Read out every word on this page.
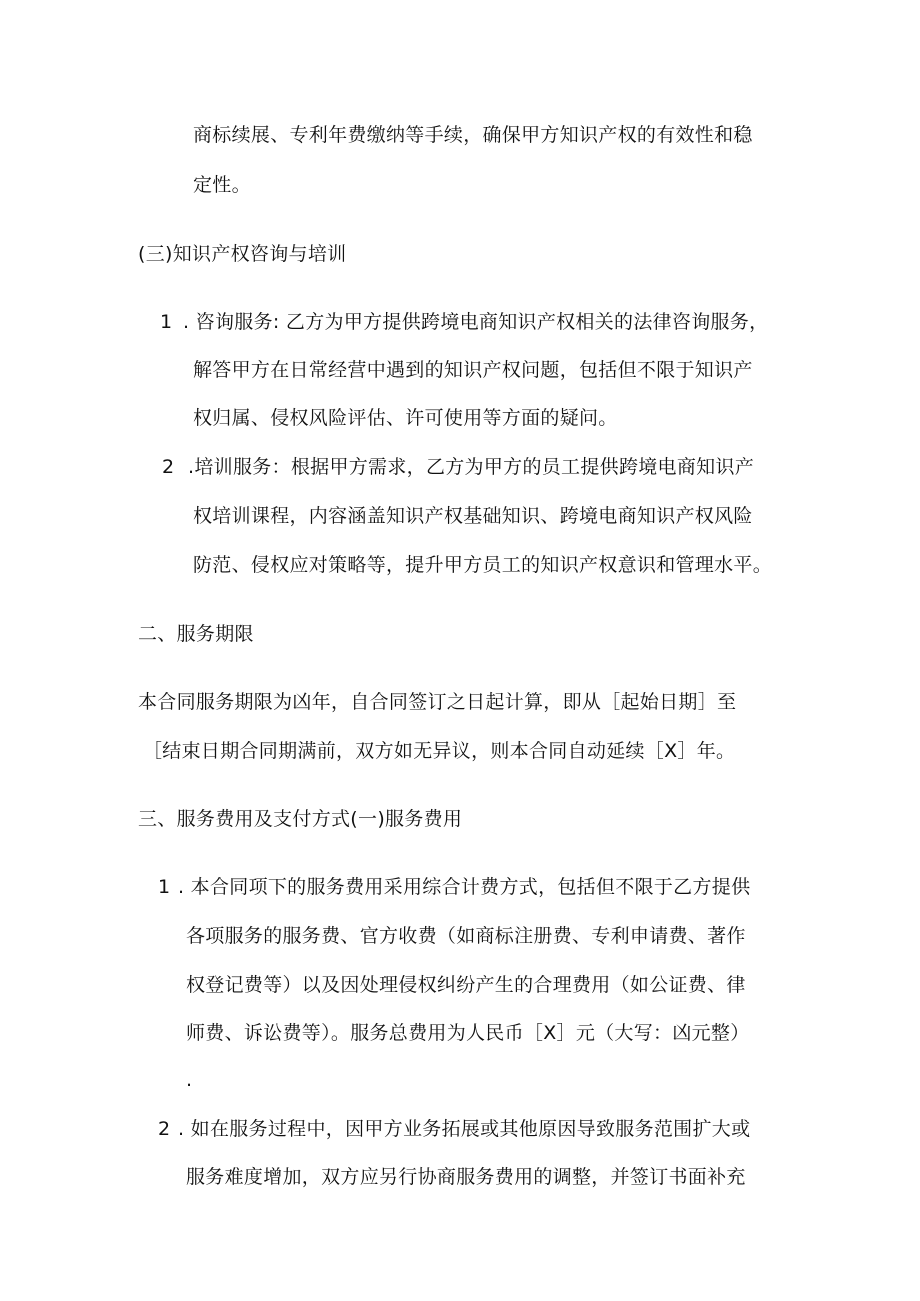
商标续展、专利年费缴纳等手续，确保甲方知识产权的有效性和稳
定性。
(三)知识产权咨询与培训
1 . 咨询服务: 乙方为甲方提供跨境电商知识产权相关的法律咨询服务，
解答甲方在日常经营中遇到的知识产权问题，包括但不限于知识产
权归属、侵权风险评估、许可使用等方面的疑问。
2 .培训服务：根据甲方需求，乙方为甲方的员工提供跨境电商知识产
权培训课程，内容涵盖知识产权基础知识、跨境电商知识产权风险
防范、侵权应对策略等，提升甲方员工的知识产权意识和管理水平。
二、服务期限
本合同服务期限为凶年，自合同签订之日起计算，即从［起始日期］至
［结束日期合同期满前，双方如无异议，则本合同自动延续［X］年。
三、服务费用及支付方式(一)服务费用
1 . 本合同项下的服务费用采用综合计费方式，包括但不限于乙方提供
各项服务的服务费、官方收费（如商标注册费、专利申请费、著作
权登记费等）以及因处理侵权纠纷产生的合理费用（如公证费、律
师费、诉讼费等）。服务总费用为人民币［X］元（大写：凶元整）
.
2 . 如在服务过程中，因甲方业务拓展或其他原因导致服务范围扩大或
服务难度增加，双方应另行协商服务费用的调整，并签订书面补充
